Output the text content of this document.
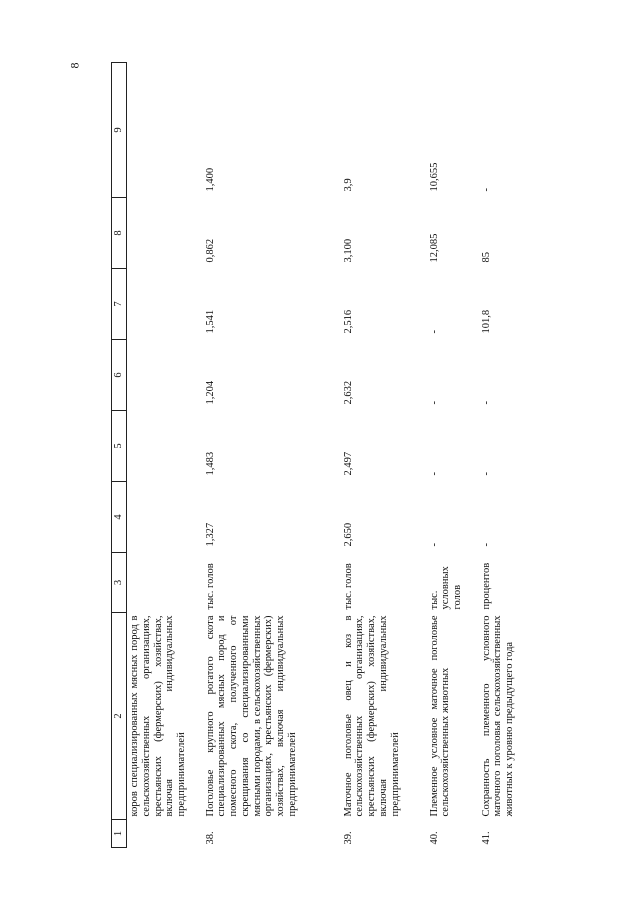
8
1	2	3	4	5	6	7	8	9
	коров специализированных мясных пород в сельскохозяйственных организациях, крестьянских (фермерских) хозяйствах, включая индивидуальных предпринимателей							
38.	Поголовье крупного рогатого скота специализированных мясных пород и помесного скота, полученного от скрещивания со специализированными мясными породами, в сельскохозяйственных организациях, крестьянских (фермерских) хозяйствах, включая индивидуальных предпринимателей	тыс. голов	1,327	1,483	1,204	1,541	0,862	1,400
39.	Маточное поголовье овец и коз в сельскохозяйственных организациях, крестьянских (фермерских) хозяйствах, включая индивидуальных предпринимателей	тыс. голов	2,650	2,497	2,632	2,516	3,100	3,9
40.	Племенное условное маточное поголовье сельскохозяйственных животных	тыс. условных голов	-	-	-	-	12,085	10,655
41.	Сохранность племенного условного маточного поголовья сельскохозяйственных животных к уровню предыдущего года	процентов	-	-	-	101,8	85	-
